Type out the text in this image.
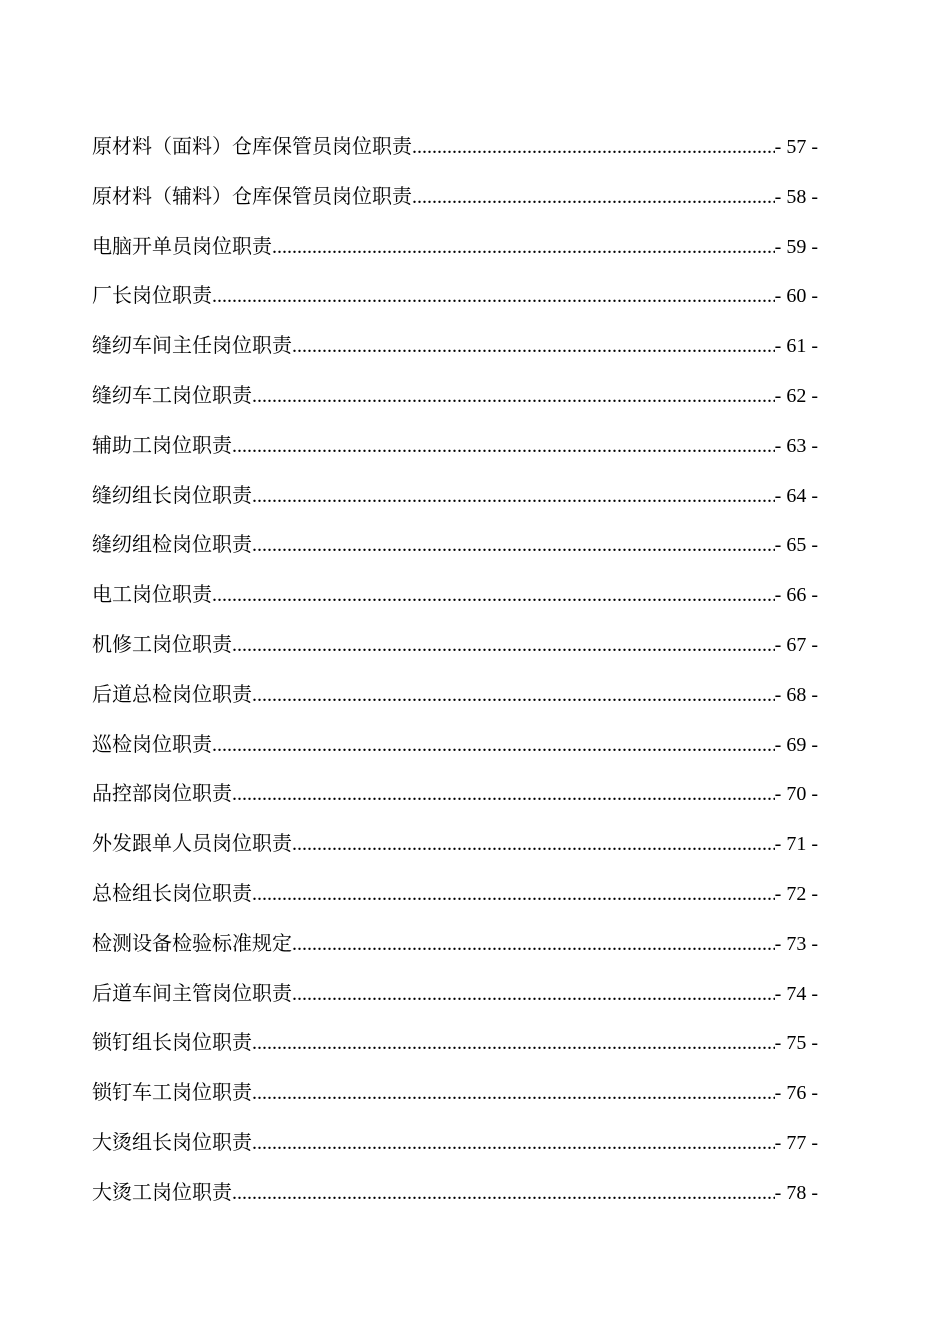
原材料（面料）仓库保管员岗位职责 .....	- 57 -
原材料（辅料）仓库保管员岗位职责 .....	- 58 -
电脑开单员岗位职责 .....	- 59 -
厂长岗位职责 .....	- 60 -
缝纫车间主任岗位职责 .....	- 61 -
缝纫车工岗位职责 .....	- 62 -
辅助工岗位职责 .....	- 63 -
缝纫组长岗位职责 .....	- 64 -
缝纫组检岗位职责 .....	- 65 -
电工岗位职责 .....	- 66 -
机修工岗位职责 .....	- 67 -
后道总检岗位职责 .....	- 68 -
巡检岗位职责 .....	- 69 -
品控部岗位职责 .....	- 70 -
外发跟单人员岗位职责 .....	- 71 -
总检组长岗位职责 .....	- 72 -
检测设备检验标准规定 .....	- 73 -
后道车间主管岗位职责 .....	- 74 -
锁钉组长岗位职责 .....	- 75 -
锁钉车工岗位职责 .....	- 76 -
大烫组长岗位职责 .....	- 77 -
大烫工岗位职责 .....	- 78 -
